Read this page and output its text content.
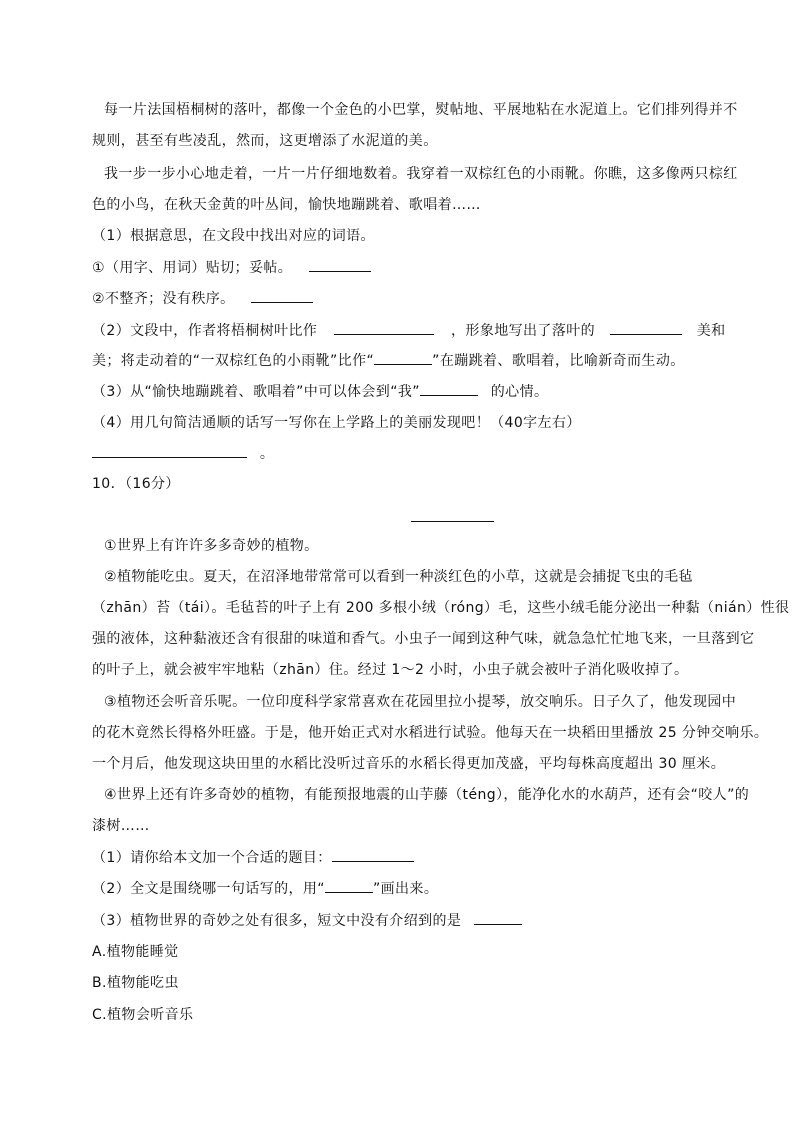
每一片法国梧桐树的落叶，都像一个金色的小巴掌，熨帖地、平展地粘在水泥道上。它们排列得并不
规则，甚至有些凌乱，然而，这更增添了水泥道的美。
我一步一步小心地走着，一片一片仔细地数着。我穿着一双棕红色的小雨靴。你瞧，这多像两只棕红
色的小鸟，在秋天金黄的叶丛间，愉快地蹦跳着、歌唱着……
（1）根据意思，在文段中找出对应的词语。
①（用字、用词）贴切；妥帖。
②不整齐；没有秩序。
（2）文段中，作者将梧桐树叶比作	，形象地写出了落叶的	美和
美；将走动着的“一双棕红色的小雨靴”比作“	”在蹦跳着、歌唱着，比喻新奇而生动。
（3）从“愉快地蹦跳着、歌唱着”中可以体会到“我”	的心情。
（4）用几句简洁通顺的话写一写你在上学路上的美丽发现吧！（40字左右）
。
10．（16分）
①世界上有许许多多奇妙的植物。
②植物能吃虫。夏天，在沼泽地带常常可以看到一种淡红色的小草，这就是会捕捉飞虫的毛毡
（zhān）苔（tái）。毛毡苔的叶子上有 200 多根小绒（róng）毛，这些小绒毛能分泌出一种黏（nián）性很
强的液体，这种黏液还含有很甜的味道和香气。小虫子一闻到这种气味，就急急忙忙地飞来，一旦落到它
的叶子上，就会被牢牢地粘（zhān）住。经过 1～2 小时，小虫子就会被叶子消化吸收掉了。
③植物还会听音乐呢。一位印度科学家常喜欢在花园里拉小提琴，放交响乐。日子久了，他发现园中
的花木竟然长得格外旺盛。于是，他开始正式对水稻进行试验。他每天在一块稻田里播放 25 分钟交响乐。
一个月后，他发现这块田里的水稻比没听过音乐的水稻长得更加茂盛，平均每株高度超出 30 厘米。
④世界上还有许多奇妙的植物，有能预报地震的山芋藤（téng），能净化水的水葫芦，还有会“咬人”的
漆树……
（1）请你给本文加一个合适的题目：
（2）全文是围绕哪一句话写的，用“	”画出来。
（3）植物世界的奇妙之处有很多，短文中没有介绍到的是
A.植物能睡觉
B.植物能吃虫
C.植物会听音乐
